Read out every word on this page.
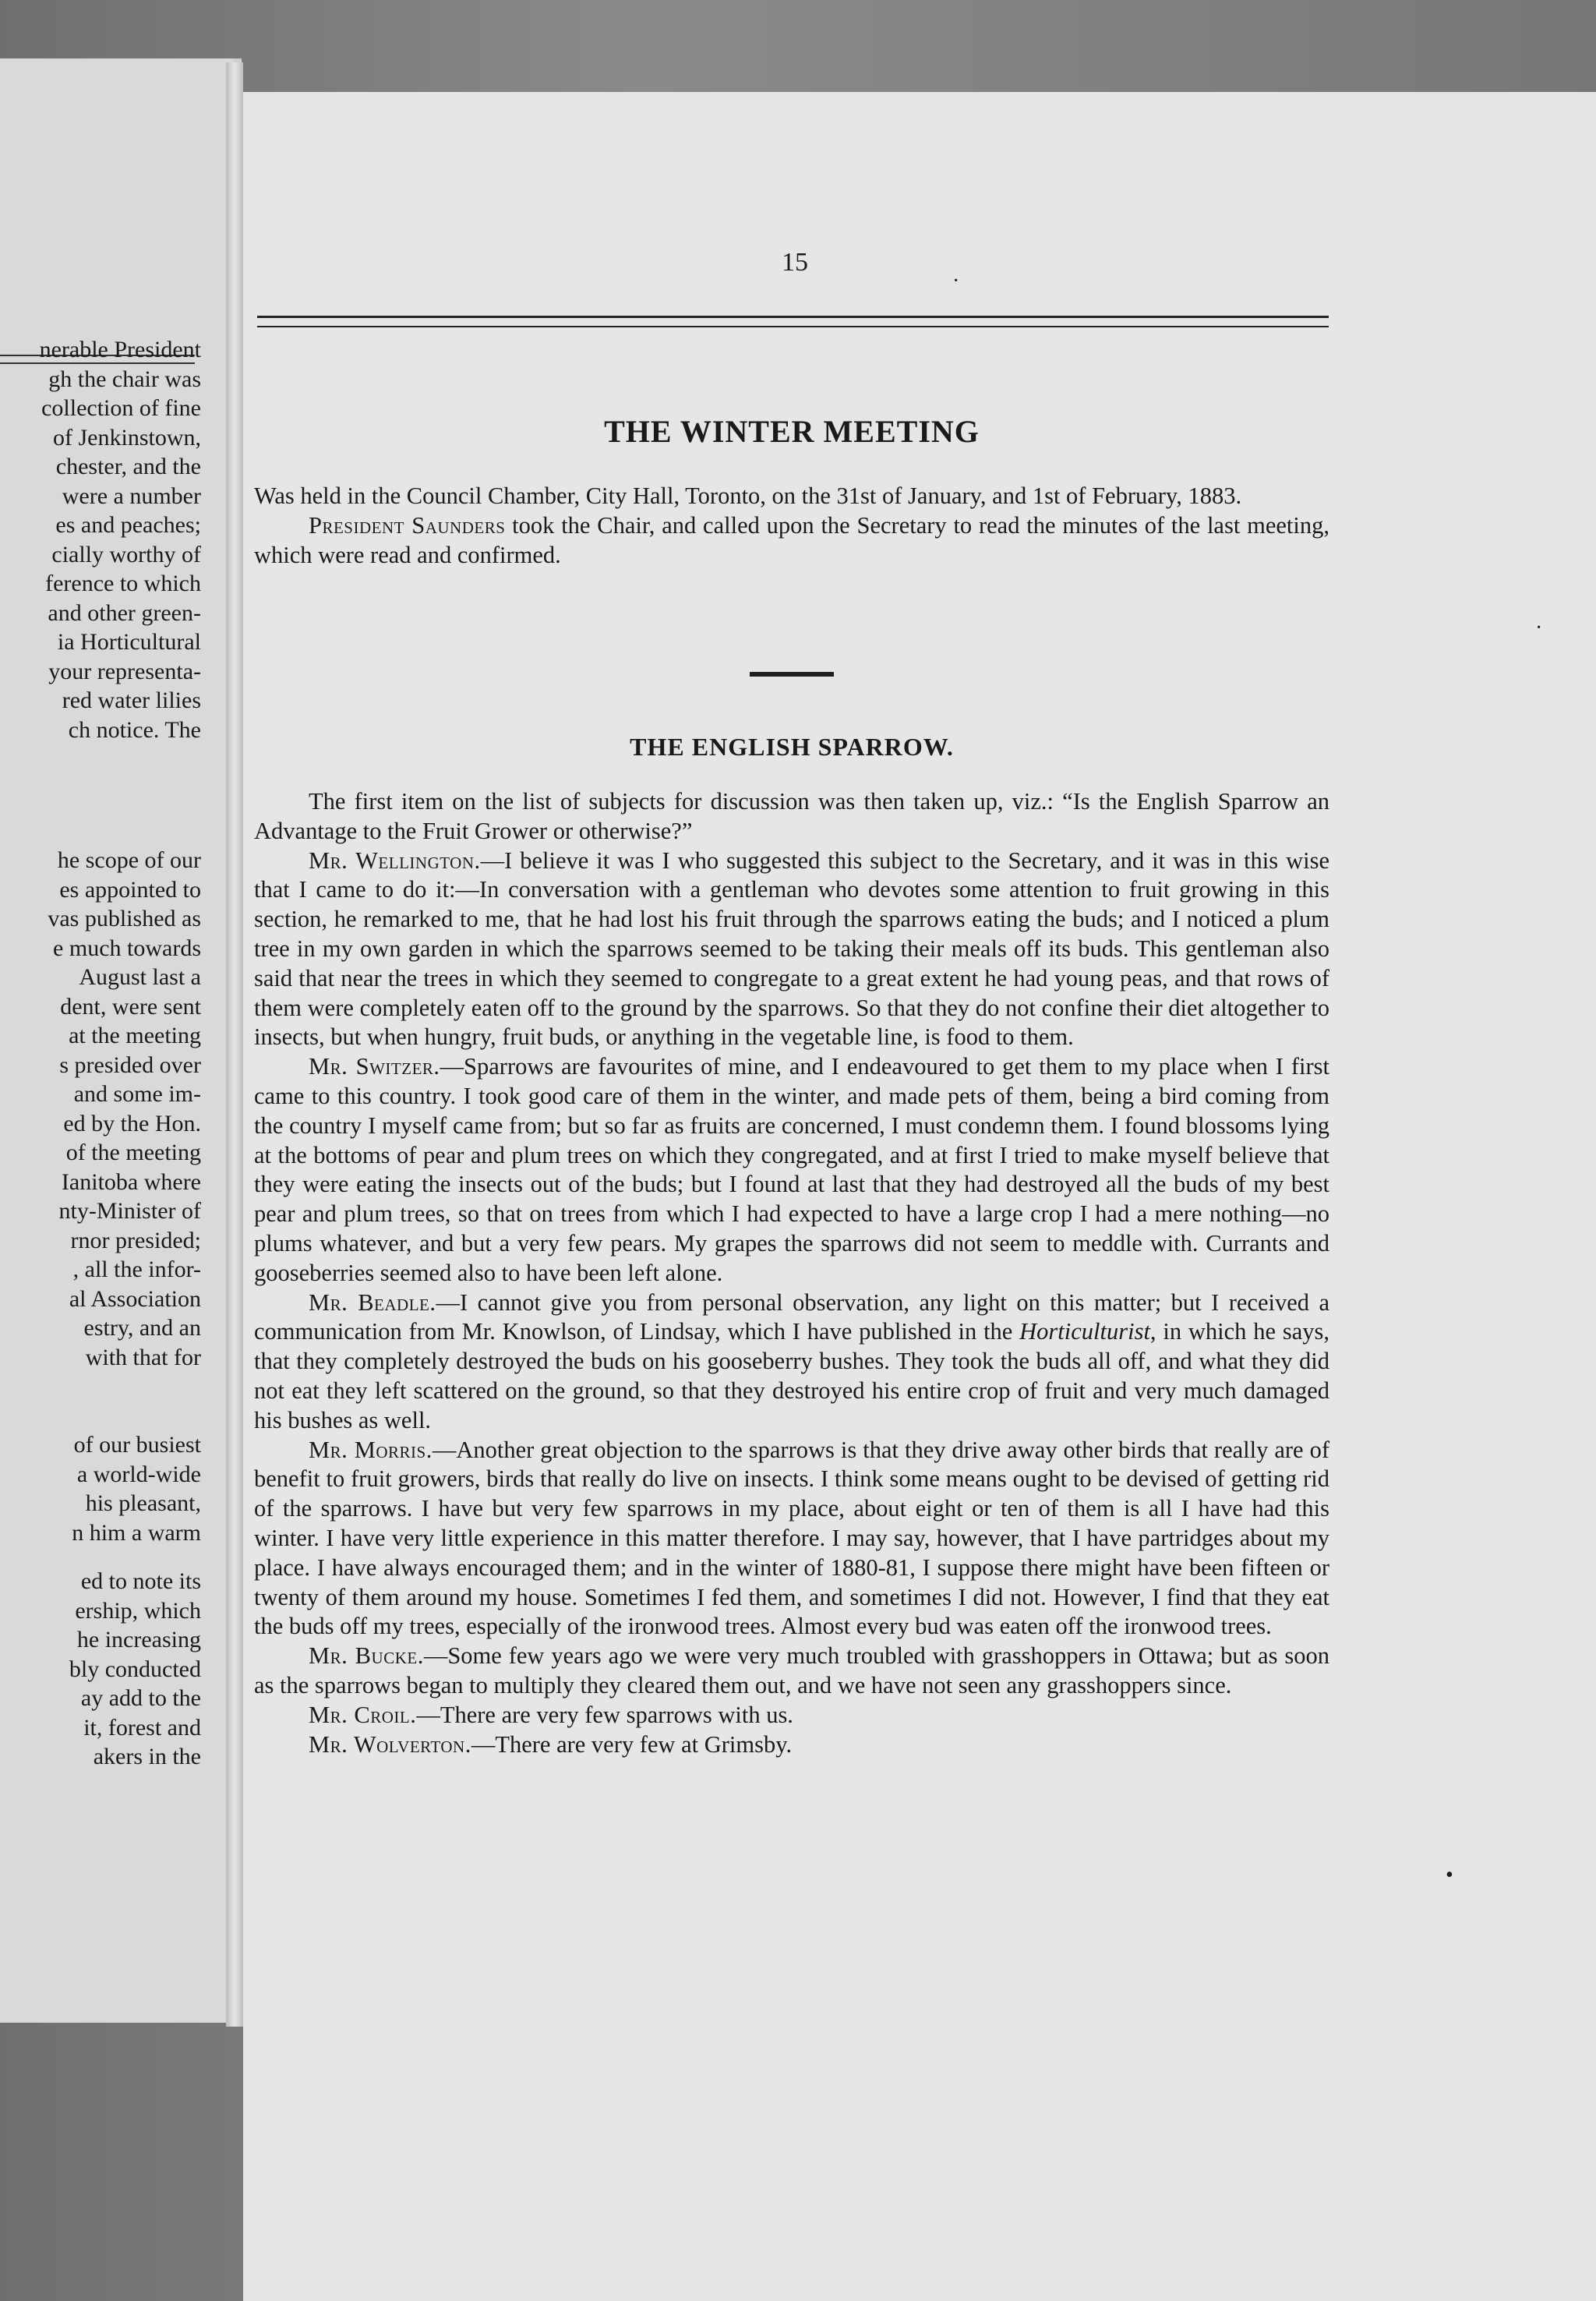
nerable President
gh the chair was
collection of fine
of Jenkinstown,
chester, and the
were a number
es and peaches;
cially worthy of
ference to which
and other green-
ia Horticultural
your representa-
red water lilies
ch notice. The
he scope of our
es appointed to
vas published as
e much towards
August last a
dent, were sent
at the meeting
s presided over
and some im-
ed by the Hon.
of the meeting
Ianitoba where
nty-Minister of
rnor presided;
, all the infor-
al Association
estry, and an
with that for
of our busiest
a world-wide
his pleasant,
n him a warm
ed to note its
ership, which
he increasing
bly conducted
ay add to the
it, forest and
akers in the
15
·
THE WINTER MEETING

Was held in the Council Chamber, City Hall, Toronto, on the 31st of January, and 1st of February, 1883.

President Saunders took the Chair, and called upon the Secretary to read the minutes of the last meeting, which were read and confirmed.

THE ENGLISH SPARROW.

The first item on the list of subjects for discussion was then taken up, viz.: “Is the English Sparrow an Advantage to the Fruit Grower or otherwise?”

Mr. Wellington.—I believe it was I who suggested this subject to the Secretary, and it was in this wise that I came to do it:—In conversation with a gentleman who devotes some attention to fruit growing in this section, he remarked to me, that he had lost his fruit through the sparrows eating the buds; and I noticed a plum tree in my own garden in which the sparrows seemed to be taking their meals off its buds. This gentleman also said that near the trees in which they seemed to congregate to a great extent he had young peas, and that rows of them were completely eaten off to the ground by the sparrows. So that they do not confine their diet altogether to insects, but when hungry, fruit buds, or anything in the vegetable line, is food to them.

Mr. Switzer.—Sparrows are favourites of mine, and I endeavoured to get them to my place when I first came to this country. I took good care of them in the winter, and made pets of them, being a bird coming from the country I myself came from; but so far as fruits are concerned, I must condemn them. I found blossoms lying at the bottoms of pear and plum trees on which they congregated, and at first I tried to make myself believe that they were eating the insects out of the buds; but I found at last that they had destroyed all the buds of my best pear and plum trees, so that on trees from which I had expected to have a large crop I had a mere nothing—no plums whatever, and but a very few pears. My grapes the sparrows did not seem to meddle with. Currants and gooseberries seemed also to have been left alone.

Mr. Beadle.—I cannot give you from personal observation, any light on this matter; but I received a communication from Mr. Knowlson, of Lindsay, which I have published in the Horticulturist, in which he says, that they completely destroyed the buds on his gooseberry bushes. They took the buds all off, and what they did not eat they left scattered on the ground, so that they destroyed his entire crop of fruit and very much damaged his bushes as well.

Mr. Morris.—Another great objection to the sparrows is that they drive away other birds that really are of benefit to fruit growers, birds that really do live on insects. I think some means ought to be devised of getting rid of the sparrows. I have but very few sparrows in my place, about eight or ten of them is all I have had this winter. I have very little experience in this matter therefore. I may say, however, that I have partridges about my place. I have always encouraged them; and in the winter of 1880-81, I suppose there might have been fifteen or twenty of them around my house. Sometimes I fed them, and sometimes I did not. However, I find that they eat the buds off my trees, especially of the ironwood trees. Almost every bud was eaten off the ironwood trees.

Mr. Bucke.—Some few years ago we were very much troubled with grasshoppers in Ottawa; but as soon as the sparrows began to multiply they cleared them out, and we have not seen any grasshoppers since.

Mr. Croil.—There are very few sparrows with us.

Mr. Wolverton.—There are very few at Grimsby.

·
•
